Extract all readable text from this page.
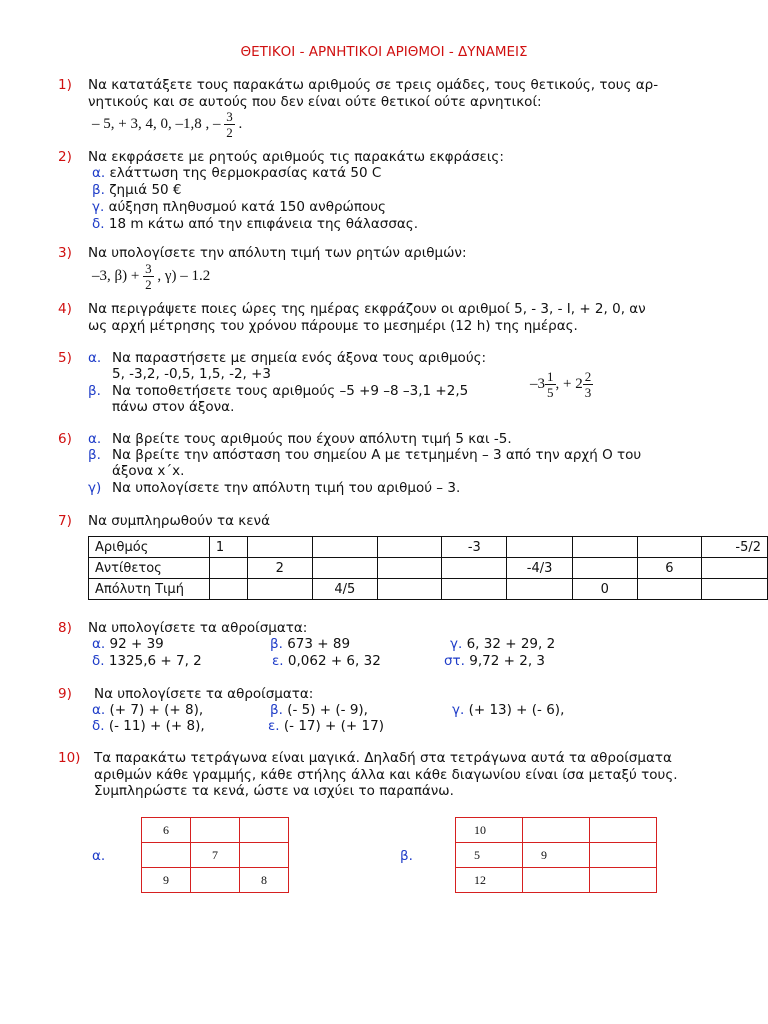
ΘΕΤΙΚΟΙ - ΑΡΝΗΤΙΚΟΙ ΑΡΙΘΜΟΙ - ΔΥΝΑΜΕΙΣ
1) Να κατατάξετε τους παρακάτω αριθμούς σε τρεις ομάδες, τους θετικούς, τους αρ-
νητικούς και σε αυτούς που δεν είναι ούτε θετικοί ούτε αρνητικοί:
– 5, + 3, 4, 0, –1,8 , – $\frac{3}{2}$ .
2) Να εκφράσετε με ρητούς αριθμούς τις παρακάτω εκφράσεις:
α. ελάττωση της θερμοκρασίας κατά 50 C
β. ζημιά 50 €
γ. αύξηση πληθυσμού κατά 150 ανθρώπους
δ. 18 m κάτω από την επιφάνεια της θάλασσας.
3) Να υπολογίσετε την απόλυτη τιμή των ρητών αριθμών:
–3, $\beta) + \frac{3}{2}$ , γ) – 1.2
4) Να περιγράψετε ποιες ώρες της ημέρας εκφράζουν οι αριθμοί 5, - 3, - I, + 2, 0, αν
ως αρχή μέτρησης του χρόνου πάρουμε το μεσημέρι (12 h) της ημέρας.
5) α. Να παραστήσετε με σημεία ενός άξονα τους αριθμούς:
5, -3,2, -0,5, 1,5, -2, +3
β. Να τοποθετήσετε τους αριθμούς –5 +9 –8 –3,1 +2,5	$-3 \frac{1}{5}$ , + $2 \frac{2}{3}$
πάνω στον άξονα.
6) α. Να βρείτε τους αριθμούς που έχουν απόλυτη τιμή 5 και -5.
β. Να βρείτε την απόσταση του σημείου Α με τετμημένη – 3 από την αρχή Ο του
άξονα x΄x.
γ) Να υπολογίσετε την απόλυτη τιμή του αριθμού – 3.
7) Να συμπληρωθούν τα κενά
Αριθμός	1				-3				-5/2
Αντίθετος		2				-4/3		6	
Απόλυτη Τιμή			4/5				0		
8) Να υπολογίσετε τα αθροίσματα:
α. 92 + 39	β. 673 + 89	γ. 6, 32 + 29, 2
δ. 1325,6 + 7, 2	ε. 0,062 + 6, 32	στ. 9,72 + 2, 3
9) Να υπολογίσετε τα αθροίσματα:
α. (+ 7) + (+ 8),	β. (- 5) + (- 9),	γ. (+ 13) + (- 6),
δ. (- 11) + (+ 8),	ε. (- 17) + (+ 17)
10) Τα παρακάτω τετράγωνα είναι μαγικά. Δηλαδή στα τετράγωνα αυτά τα αθροίσματα
αριθμών κάθε γραμμής, κάθε στήλης άλλα και κάθε διαγωνίου είναι ίσα μεταξύ τους.
Συμπληρώστε τα κενά, ώστε να ισχύει το παραπάνω.
α.
6		
	7	
9		8
β.
10		
5	9	
12		
